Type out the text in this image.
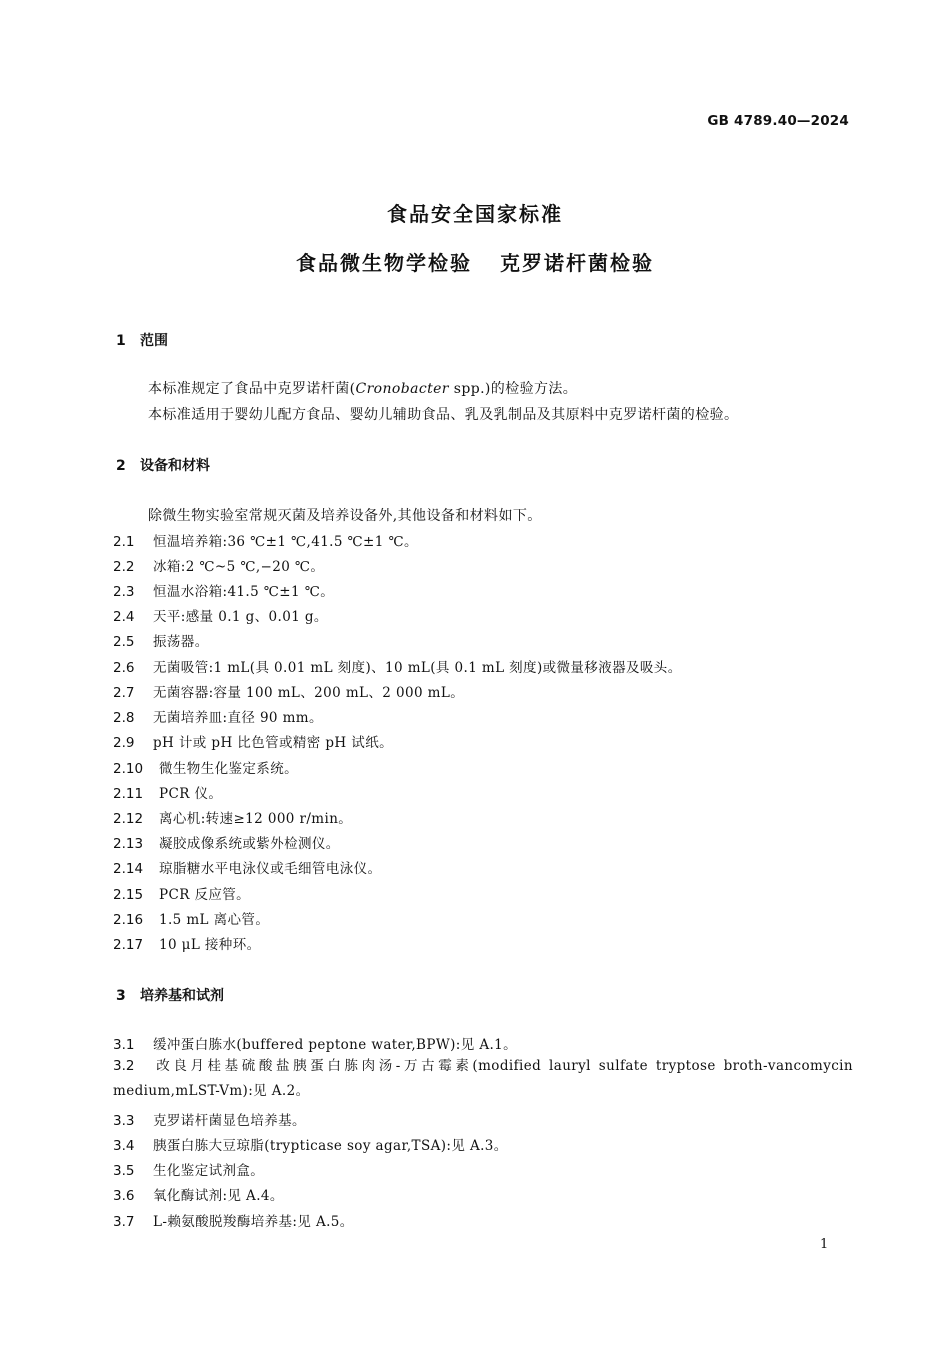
GB 4789.40—2024
食品安全国家标准
食品微生物学检验 克罗诺杆菌检验
1 范围
本标准规定了食品中克罗诺杆菌(Cronobacter spp.)的检验方法。
本标准适用于婴幼儿配方食品、婴幼儿辅助食品、乳及乳制品及其原料中克罗诺杆菌的检验。
2 设备和材料
除微生物实验室常规灭菌及培养设备外,其他设备和材料如下。
2.1 恒温培养箱:36 ℃±1 ℃,41.5 ℃±1 ℃。
2.2 冰箱:2 ℃~5 ℃,−20 ℃。
2.3 恒温水浴箱:41.5 ℃±1 ℃。
2.4 天平:感量 0.1 g、0.01 g。
2.5 振荡器。
2.6 无菌吸管:1 mL(具 0.01 mL 刻度)、10 mL(具 0.1 mL 刻度)或微量移液器及吸头。
2.7 无菌容器:容量 100 mL、200 mL、2 000 mL。
2.8 无菌培养皿:直径 90 mm。
2.9 pH 计或 pH 比色管或精密 pH 试纸。
2.10 微生物生化鉴定系统。
2.11 PCR 仪。
2.12 离心机:转速≥12 000 r/min。
2.13 凝胶成像系统或紫外检测仪。
2.14 琼脂糖水平电泳仪或毛细管电泳仪。
2.15 PCR 反应管。
2.16 1.5 mL 离心管。
2.17 10 μL 接种环。
3 培养基和试剂
3.1 缓冲蛋白胨水(buffered peptone water,BPW):见 A.1。
3.2 改良月桂基硫酸盐胰蛋白胨肉汤-万古霉素(modified lauryl sulfate tryptose broth-vancomycin medium,mLST-Vm):见 A.2。
3.3 克罗诺杆菌显色培养基。
3.4 胰蛋白胨大豆琼脂(trypticase soy agar,TSA):见 A.3。
3.5 生化鉴定试剂盒。
3.6 氧化酶试剂:见 A.4。
3.7 L-赖氨酸脱羧酶培养基:见 A.5。
1
